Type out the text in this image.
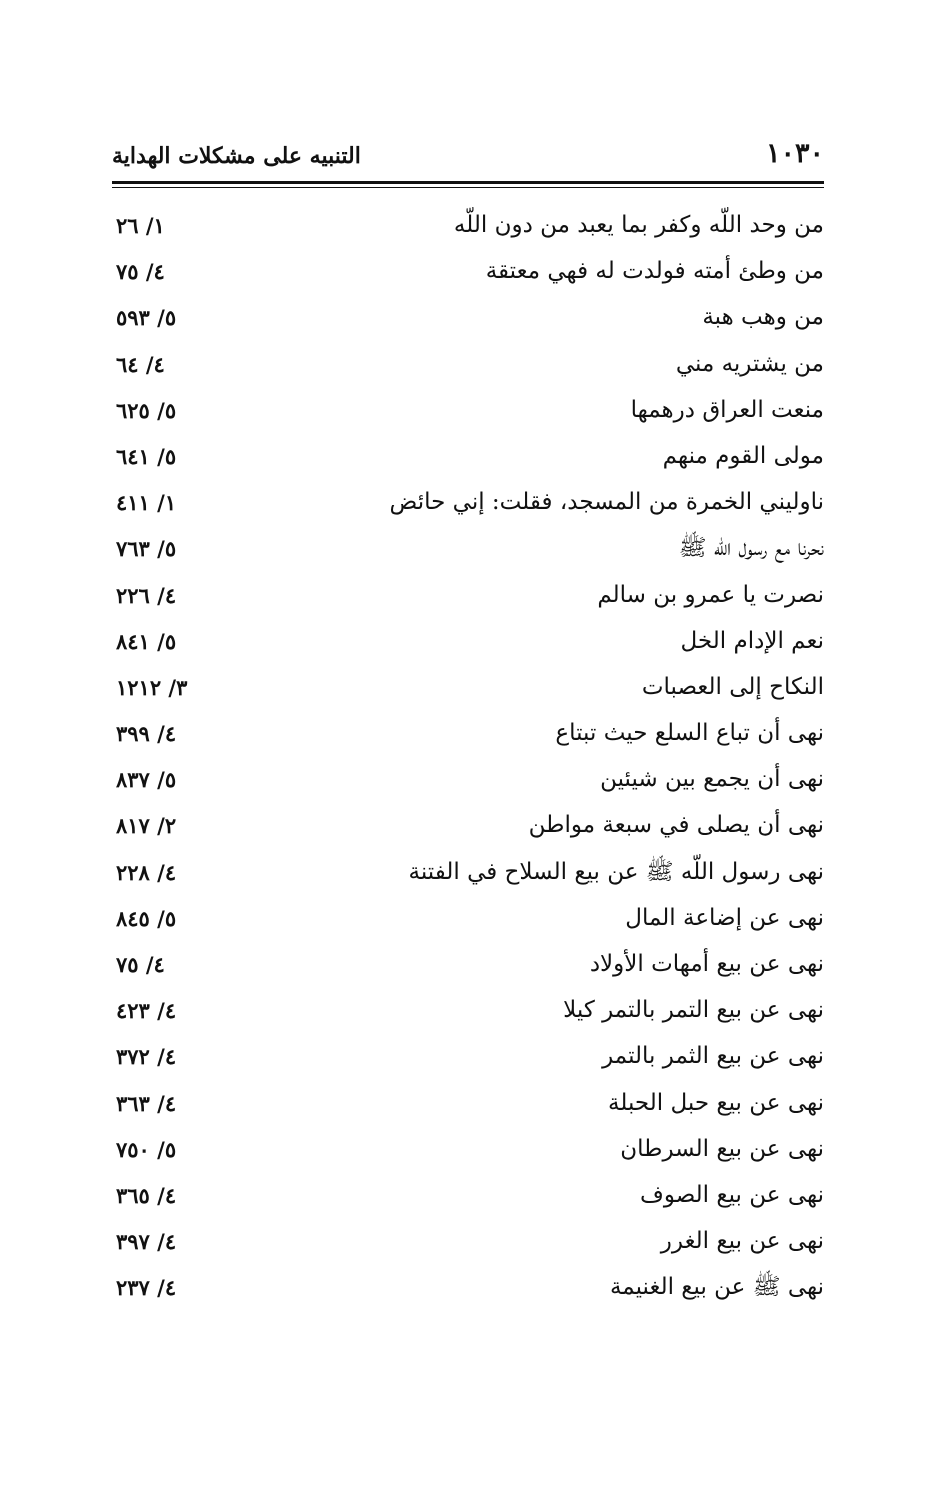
١٠٣٠
التنبيه على مشكلات الهداية
من وحد اللّه وكفر بما يعبد من دون اللّه
١/ ٢٦
من وطئ أمته فولدت له فهي معتقة
٤/ ٧٥
من وهب هبة
٥/ ٥٩٣
من يشتريه مني
٤/ ٦٤
منعت العراق درهمها
٥/ ٦٢٥
مولى القوم منهم
٥/ ٦٤١
ناوليني الخمرة من المسجد، فقلت: إني حائض
١/ ٤١١
نحرنا مع رسول اللّه ﷺ
٥/ ٧٦٣
نصرت يا عمرو بن سالم
٤/ ٢٢٦
نعم الإدام الخل
٥/ ٨٤١
النكاح إلى العصبات
٣/ ١٢١٢
نهى أن تباع السلع حيث تبتاع
٤/ ٣٩٩
نهى أن يجمع بين شيئين
٥/ ٨٣٧
نهى أن يصلى في سبعة مواطن
٢/ ٨١٧
نهى رسول اللّه ﷺ عن بيع السلاح في الفتنة
٤/ ٢٢٨
نهى عن إضاعة المال
٥/ ٨٤٥
نهى عن بيع أمهات الأولاد
٤/ ٧٥
نهى عن بيع التمر بالتمر كيلا
٤/ ٤٢٣
نهى عن بيع الثمر بالتمر
٤/ ٣٧٢
نهى عن بيع حبل الحبلة
٤/ ٣٦٣
نهى عن بيع السرطان
٥/ ٧٥٠
نهى عن بيع الصوف
٤/ ٣٦٥
نهى عن بيع الغرر
٤/ ٣٩٧
نهى ﷺ عن بيع الغنيمة
٤/ ٢٣٧
